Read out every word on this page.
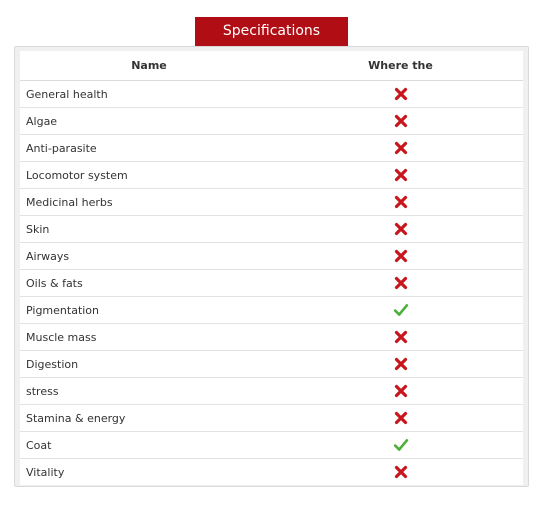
Specifications
Name	Where the
General health	
Algae	
Anti-parasite	
Locomotor system	
Medicinal herbs	
Skin	
Airways	
Oils & fats	
Pigmentation	
Muscle mass	
Digestion	
stress	
Stamina & energy	
Coat	
Vitality	
